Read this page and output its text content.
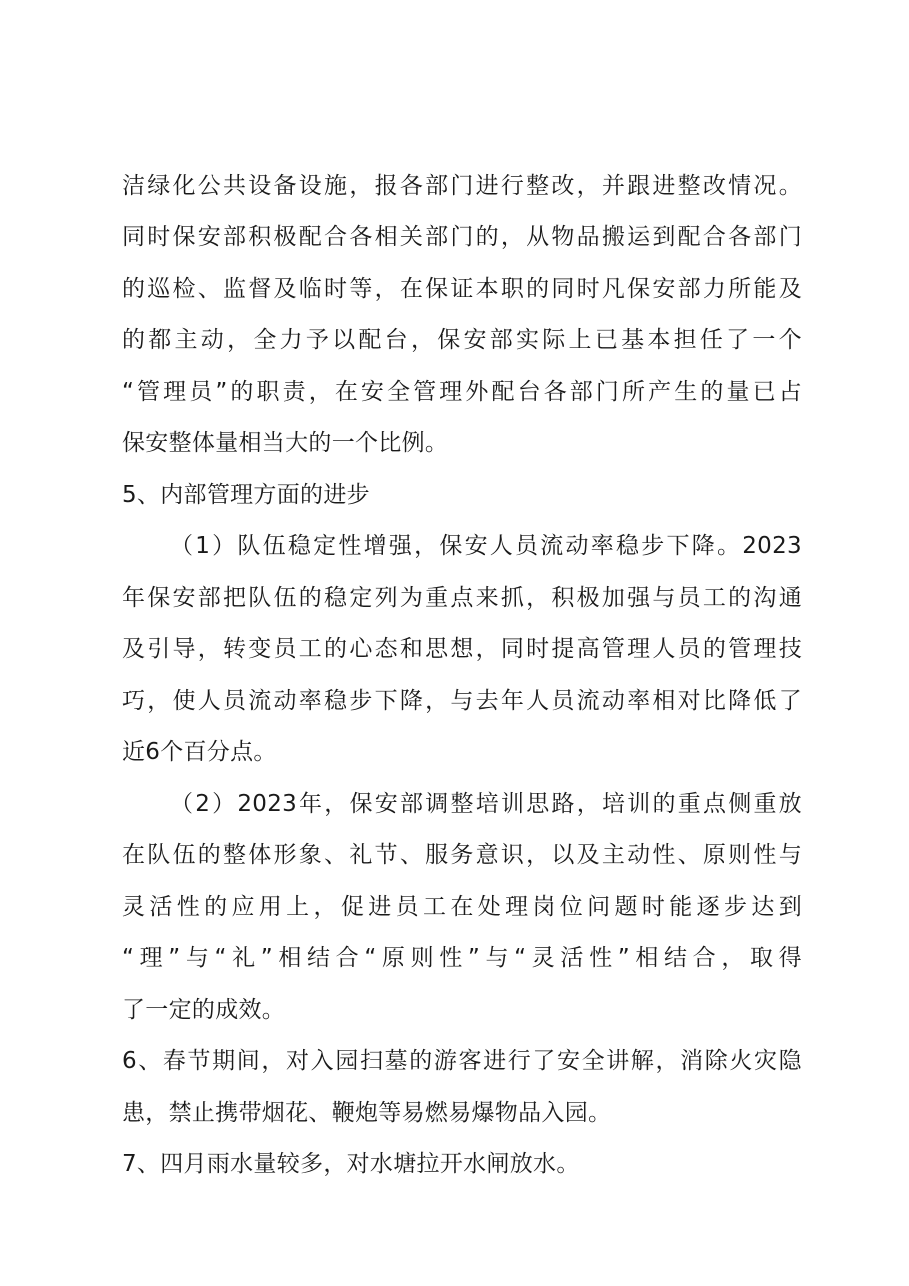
洁绿化公共设备设施，报各部门进行整改，并跟进整改情况。
同时保安部积极配合各相关部门的，从物品搬运到配合各部门
的巡检、监督及临时等，在保证本职的同时凡保安部力所能及
的都主动，全力予以配台，保安部实际上已基本担任了一个
“管理员”的职责，在安全管理外配台各部门所产生的量已占
保安整体量相当大的一个比例。
5、内部管理方面的进步
（1）队伍稳定性增强，保安人员流动率稳步下降。2023
年保安部把队伍的稳定列为重点来抓，积极加强与员工的沟通
及引导，转变员工的心态和思想，同时提高管理人员的管理技
巧，使人员流动率稳步下降，与去年人员流动率相对比降低了
近6个百分点。
（2）2023年，保安部调整培训思路，培训的重点侧重放
在队伍的整体形象、礼节、服务意识，以及主动性、原则性与
灵活性的应用上，促进员工在处理岗位问题时能逐步达到
“理”与“礼”相结合“原则性”与“灵活性”相结合，取得
了一定的成效。
6、春节期间，对入园扫墓的游客进行了安全讲解，消除火灾隐
患，禁止携带烟花、鞭炮等易燃易爆物品入园。
7、四月雨水量较多，对水塘拉开水闸放水。
